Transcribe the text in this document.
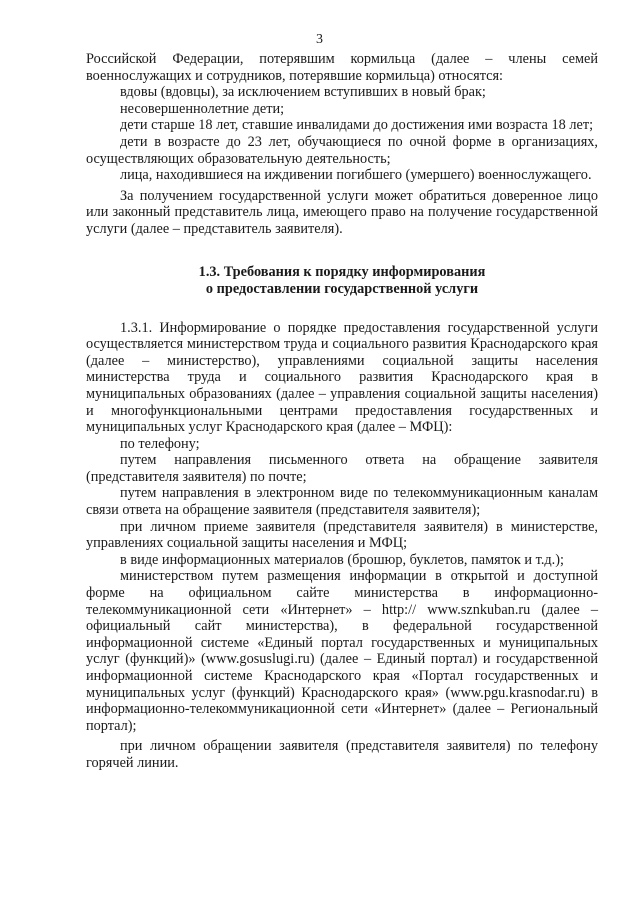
3

Российской Федерации, потерявшим кормильца (далее – члены семей военнослужащих и сотрудников, потерявшие кормильца) относятся:

вдовы (вдовцы), за исключением вступивших в новый брак;

несовершеннолетние дети;

дети старше 18 лет, ставшие инвалидами до достижения ими возраста 18 лет;

дети в возрасте до 23 лет, обучающиеся по очной форме в организациях, осуществляющих образовательную деятельность;

лица, находившиеся на иждивении погибшего (умершего) военнослужащего.

За получением государственной услуги может обратиться доверенное лицо или законный представитель лица, имеющего право на получение государственной услуги (далее – представитель заявителя).

1.3. Требования к порядку информирования
о предоставлении государственной услуги

1.3.1. Информирование о порядке предоставления государственной услуги осуществляется министерством труда и социального развития Краснодарского края (далее – министерство), управлениями социальной защиты населения министерства труда и социального развития Краснодарского края в муниципальных образованиях (далее – управления социальной защиты населения) и многофункциональными центрами предоставления государственных и муниципальных услуг Краснодарского края (далее – МФЦ):

по телефону;

путем направления письменного ответа на обращение заявителя (представителя заявителя) по почте;

путем направления в электронном виде по телекоммуникационным каналам связи ответа на обращение заявителя (представителя заявителя);

при личном приеме заявителя (представителя заявителя) в министерстве, управлениях социальной защиты населения и МФЦ;

в виде информационных материалов (брошюр, буклетов, памяток и т.д.);

министерством путем размещения информации в открытой и доступной форме на официальном сайте министерства в информационно-телекоммуникационной сети «Интернет» – http:// www.sznkuban.ru (далее – официальный сайт министерства), в федеральной государственной информационной системе «Единый портал государственных и муниципальных услуг (функций)» (www.gosuslugi.ru) (далее – Единый портал) и государственной информационной системе Краснодарского края «Портал государственных и муниципальных услуг (функций) Краснодарского края» (www.pgu.krasnodar.ru) в информационно-телекоммуникационной сети «Интернет» (далее – Региональный портал);

при личном обращении заявителя (представителя заявителя) по телефону горячей линии.
